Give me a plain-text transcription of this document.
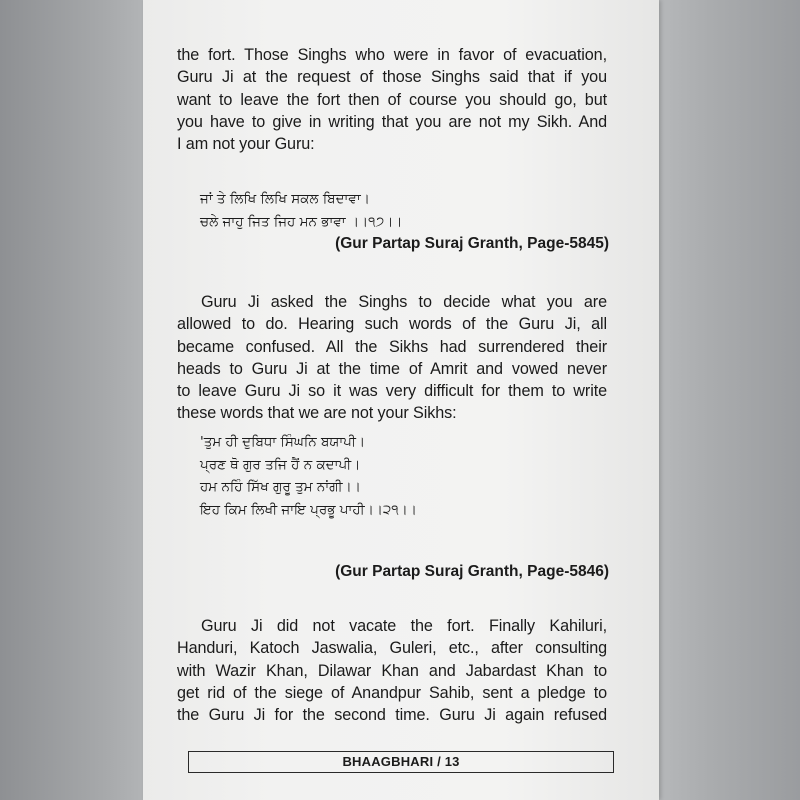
the fort. Those Singhs who were in favor of evacuation,
Guru Ji at the request of those Singhs said that if you
want to leave the fort then of course you should go, but
you have to give in writing that you are not my Sikh. And
I am not your Guru:

ਜਾਂ ਤੇ ਲਿਖਿ ਲਿਖਿ ਸਕਲ ਬਿਦਾਵਾ।
ਚਲੇ ਜਾਹੁ ਜਿਤ ਜਿਹ ਮਨ ਭਾਵਾ ।।੧੭।।
(Gur Partap Suraj Granth, Page-5845)

Guru Ji asked the Singhs to decide what you are
allowed to do. Hearing such words of the Guru Ji, all
became confused. All the Sikhs had surrendered their
heads to Guru Ji at the time of Amrit and vowed never
to leave Guru Ji so it was very difficult for them to write
these words that we are not your Sikhs:

'ਤੁਮ ਹੀ ਦੁਬਿਧਾ ਸਿੰਘਨਿ ਬਯਾਪੀ।
ਪ੍ਰਣ ਥੋ ਗੁਰ ਤਜਿ ਹੈਂ ਨ ਕਦਾਪੀ।
ਹਮ ਨਹਿੰ ਸਿੱਖ ਗੁਰੂ ਤੁਮ ਨਾਂਗੀ।।
ਇਹ ਕਿਮ ਲਿਖੀ ਜਾਇ ਪ੍ਰਭੂ ਪਾਹੀ।।੨੧।।
(Gur Partap Suraj Granth, Page-5846)

Guru Ji did not vacate the fort. Finally Kahiluri,
Handuri, Katoch Jaswalia, Guleri, etc., after consulting
with Wazir Khan, Dilawar Khan and Jabardast Khan to
get rid of the siege of Anandpur Sahib, sent a pledge to
the Guru Ji for the second time. Guru Ji again refused

BHAAGBHARI / 13
